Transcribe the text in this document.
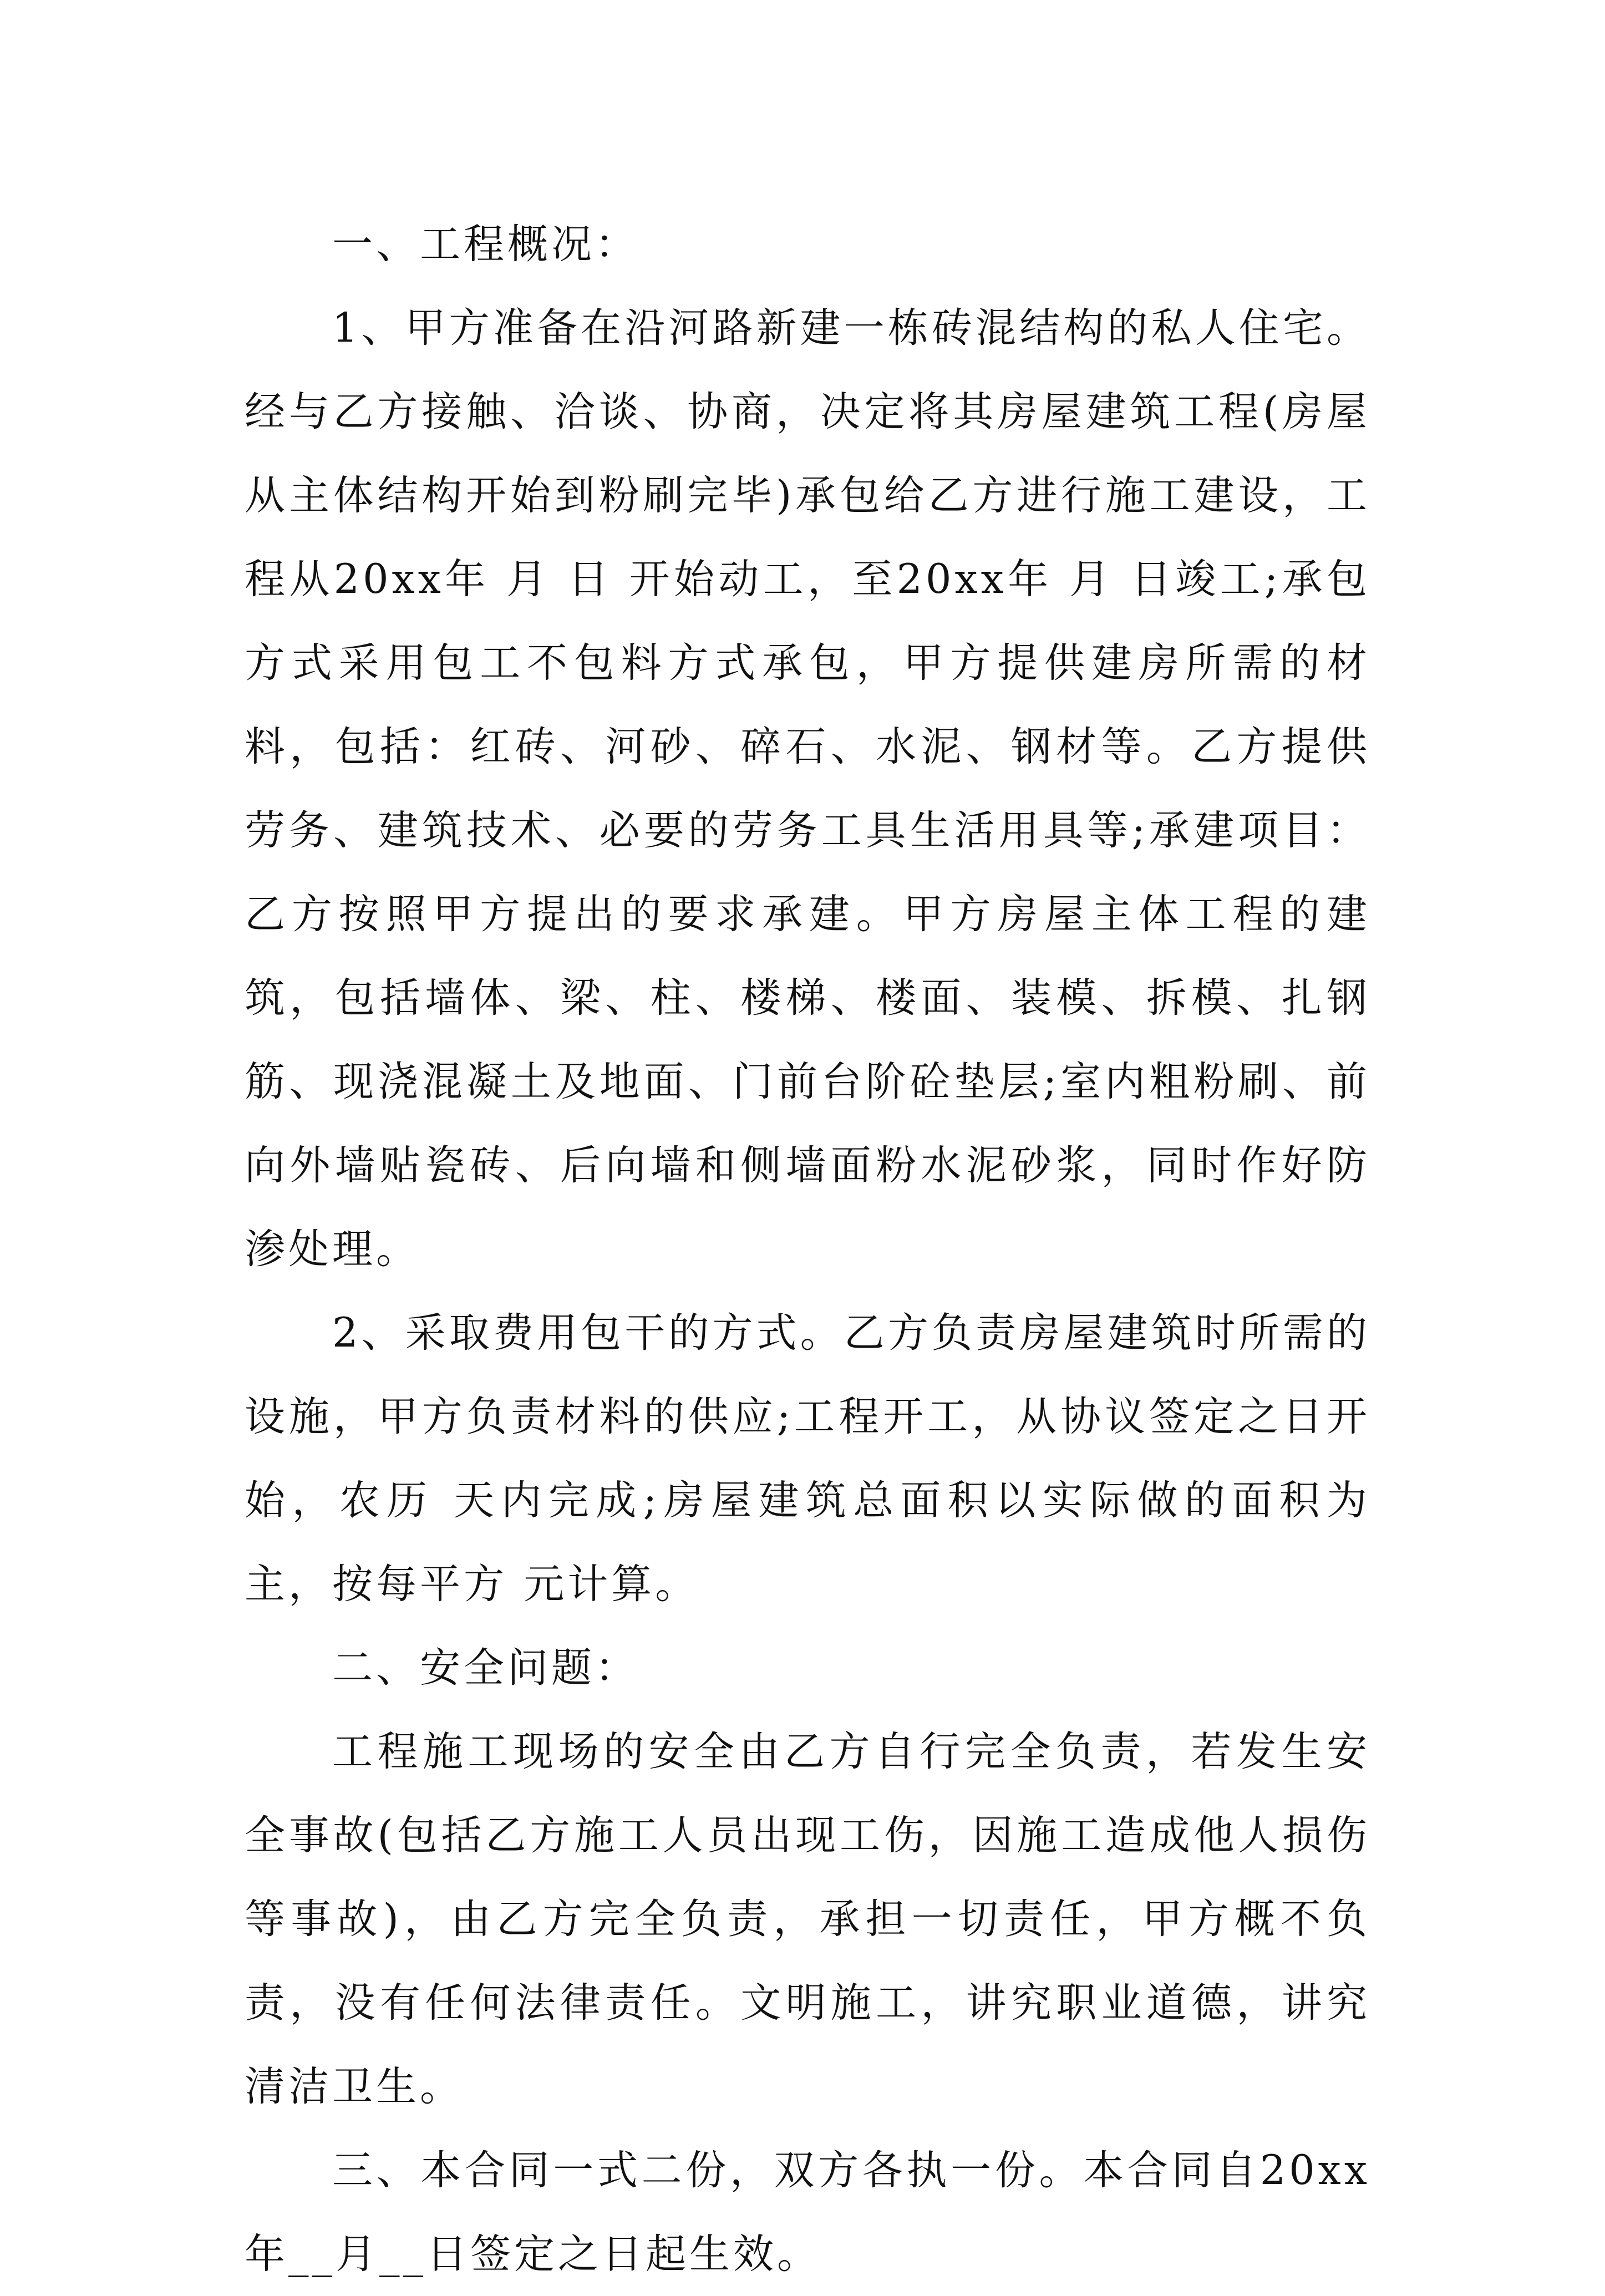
一、工程概况：

1、甲方准备在沿河路新建一栋砖混结构的私人住宅。经与乙方接触、洽谈、协商，决定将其房屋建筑工程(房屋从主体结构开始到粉刷完毕)承包给乙方进行施工建设，工程从20xx年 月 日 开始动工，至20xx年 月 日竣工;承包方式采用包工不包料方式承包，甲方提供建房所需的材料，包括：红砖、河砂、碎石、水泥、钢材等。乙方提供劳务、建筑技术、必要的劳务工具生活用具等;承建项目：乙方按照甲方提出的要求承建。甲方房屋主体工程的建筑，包括墙体、梁、柱、楼梯、楼面、装模、拆模、扎钢筋、现浇混凝土及地面、门前台阶砼垫层;室内粗粉刷、前向外墙贴瓷砖、后向墙和侧墙面粉水泥砂浆，同时作好防渗处理。

2、采取费用包干的方式。乙方负责房屋建筑时所需的设施，甲方负责材料的供应;工程开工，从协议签定之日开始，农历 天内完成;房屋建筑总面积以实际做的面积为主，按每平方 元计算。

二、安全问题：

工程施工现场的安全由乙方自行完全负责，若发生安全事故(包括乙方施工人员出现工伤，因施工造成他人损伤等事故)，由乙方完全负责，承担一切责任，甲方概不负责，没有任何法律责任。文明施工，讲究职业道德，讲究清洁卫生。

三、本合同一式二份，双方各执一份。本合同自20xx年__月__日签定之日起生效。
